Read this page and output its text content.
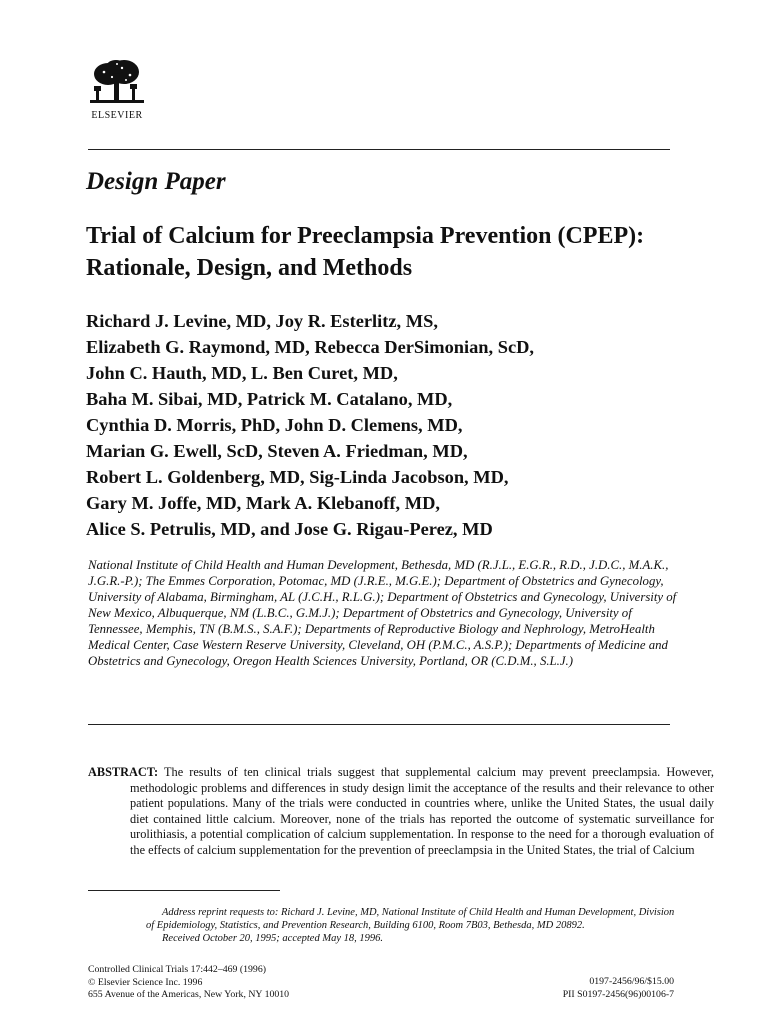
ELSEVIER
Design Paper
Trial of Calcium for Preeclampsia Prevention (CPEP): Rationale, Design, and Methods
Richard J. Levine, MD, Joy R. Esterlitz, MS,
Elizabeth G. Raymond, MD, Rebecca DerSimonian, ScD,
John C. Hauth, MD, L. Ben Curet, MD,
Baha M. Sibai, MD, Patrick M. Catalano, MD,
Cynthia D. Morris, PhD, John D. Clemens, MD,
Marian G. Ewell, ScD, Steven A. Friedman, MD,
Robert L. Goldenberg, MD, Sig-Linda Jacobson, MD,
Gary M. Joffe, MD, Mark A. Klebanoff, MD,
Alice S. Petrulis, MD, and Jose G. Rigau-Perez, MD
National Institute of Child Health and Human Development, Bethesda, MD (R.J.L., E.G.R., R.D., J.D.C., M.A.K., J.G.R.-P.); The Emmes Corporation, Potomac, MD (J.R.E., M.G.E.); Department of Obstetrics and Gynecology, University of Alabama, Birmingham, AL (J.C.H., R.L.G.); Department of Obstetrics and Gynecology, University of New Mexico, Albuquerque, NM (L.B.C., G.M.J.); Department of Obstetrics and Gynecology, University of Tennessee, Memphis, TN (B.M.S., S.A.F.); Departments of Reproductive Biology and Nephrology, MetroHealth Medical Center, Case Western Reserve University, Cleveland, OH (P.M.C., A.S.P.); Departments of Medicine and Obstetrics and Gynecology, Oregon Health Sciences University, Portland, OR (C.D.M., S.L.J.)
ABSTRACT: The results of ten clinical trials suggest that supplemental calcium may prevent preeclampsia. However, methodologic problems and differences in study design limit the acceptance of the results and their relevance to other patient populations. Many of the trials were conducted in countries where, unlike the United States, the usual daily diet contained little calcium. Moreover, none of the trials has reported the outcome of systematic surveillance for urolithiasis, a potential complication of calcium supplementation. In response to the need for a thorough evaluation of the effects of calcium supplementation for the prevention of preeclampsia in the United States, the trial of Calcium

Address reprint requests to: Richard J. Levine, MD, National Institute of Child Health and Human Development, Division of Epidemiology, Statistics, and Prevention Research, Building 6100, Room 7B03, Bethesda, MD 20892.

Received October 20, 1995; accepted May 18, 1996.

Controlled Clinical Trials 17:442–469 (1996)
© Elsevier Science Inc. 1996
655 Avenue of the Americas, New York, NY 10010
0197-2456/96/$15.00
PII S0197-2456(96)00106-7
